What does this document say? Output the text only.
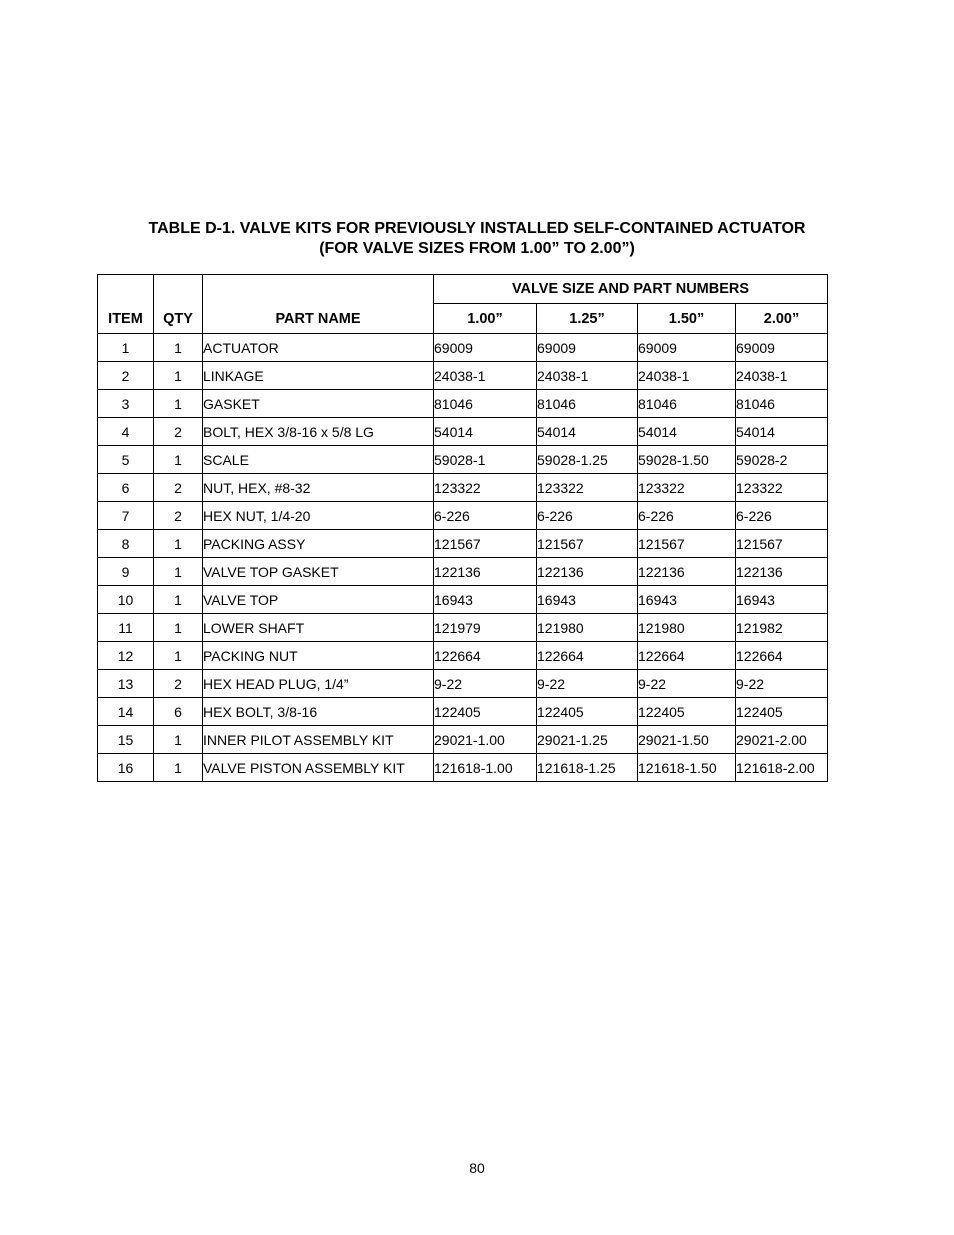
TABLE D-1. VALVE KITS FOR PREVIOUSLY INSTALLED SELF-CONTAINED ACTUATOR
(FOR VALVE SIZES FROM 1.00” TO 2.00”)
ITEM	QTY	PART NAME	VALVE SIZE AND PART NUMBERS			
			1.00”	1.25”	1.50”	2.00”
1	1	ACTUATOR	69009	69009	69009	69009
2	1	LINKAGE	24038-1	24038-1	24038-1	24038-1
3	1	GASKET	81046	81046	81046	81046
4	2	BOLT, HEX 3/8-16 x 5/8 LG	54014	54014	54014	54014
5	1	SCALE	59028-1	59028-1.25	59028-1.50	59028-2
6	2	NUT, HEX, #8-32	123322	123322	123322	123322
7	2	HEX NUT, 1/4-20	6-226	6-226	6-226	6-226
8	1	PACKING ASSY	121567	121567	121567	121567
9	1	VALVE TOP GASKET	122136	122136	122136	122136
10	1	VALVE TOP	16943	16943	16943	16943
11	1	LOWER SHAFT	121979	121980	121980	121982
12	1	PACKING NUT	122664	122664	122664	122664
13	2	HEX HEAD PLUG, 1/4”	9-22	9-22	9-22	9-22
14	6	HEX BOLT, 3/8-16	122405	122405	122405	122405
15	1	INNER PILOT ASSEMBLY KIT	29021-1.00	29021-1.25	29021-1.50	29021-2.00
16	1	VALVE PISTON ASSEMBLY KIT	121618-1.00	121618-1.25	121618-1.50	121618-2.00
80
